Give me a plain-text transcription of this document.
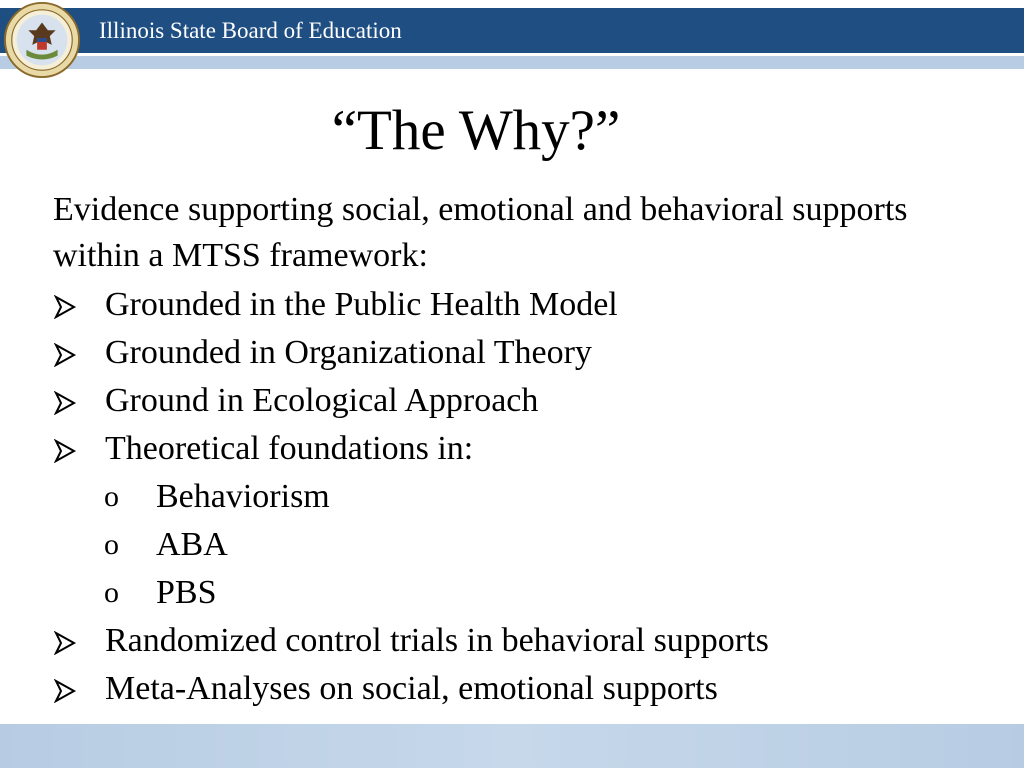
Illinois State Board of Education
“The Why?”
Evidence supporting social, emotional and behavioral supports within a MTSS framework:
Grounded in the Public Health Model
Grounded in Organizational Theory
Ground in Ecological Approach
Theoretical foundations in:
o	Behaviorism
o	ABA
o	PBS
Randomized control trials in behavioral supports
Meta-Analyses on social, emotional supports
